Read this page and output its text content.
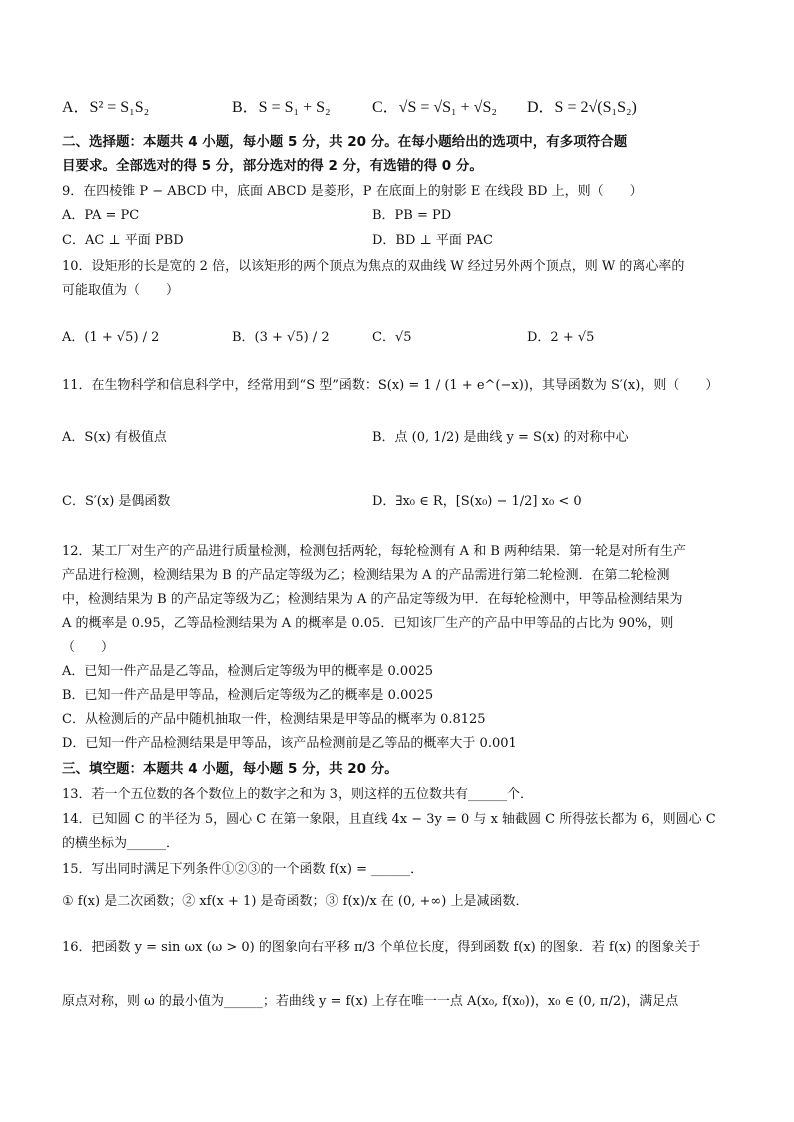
A．S² = S₁S₂	B．S = S₁ + S₂	C．√S = √S₁ + √S₂ D．S = 2√(S₁S₂)
二、选择题：本题共 4 小题，每小题 5 分，共 20 分。在每小题给出的选项中，有多项符合题
目要求。全部选对的得 5 分，部分选对的得 2 分，有选错的得 0 分。
9．在四棱锥 P − ABCD 中，底面 ABCD 是菱形，P 在底面上的射影 E 在线段 BD 上，则（　　）
A．PA = PC	B．PB = PD
C．AC ⊥ 平面 PBD	D．BD ⊥ 平面 PAC
10．设矩形的长是宽的 2 倍，以该矩形的两个顶点为焦点的双曲线 W 经过另外两个顶点，则 W 的离心率的
可能取值为（　　）
A．(1 + √5) / 2	B．(3 + √5) / 2	C．√5	D．2 + √5
11．在生物科学和信息科学中，经常用到“S 型”函数：S(x) = 1 / (1 + e^(−x))，其导函数为 S′(x)，则（　　）
A．S(x) 有极值点	B．点 (0, 1/2) 是曲线 y = S(x) 的对称中心
C．S′(x) 是偶函数	D．∃x₀ ∈ R，[S(x₀) − 1/2] x₀ < 0
12．某工厂对生产的产品进行质量检测，检测包括两轮，每轮检测有 A 和 B 两种结果．第一轮是对所有生产
产品进行检测，检测结果为 B 的产品定等级为乙；检测结果为 A 的产品需进行第二轮检测．在第二轮检测
中，检测结果为 B 的产品定等级为乙；检测结果为 A 的产品定等级为甲．在每轮检测中，甲等品检测结果为
A 的概率是 0.95，乙等品检测结果为 A 的概率是 0.05．已知该厂生产的产品中甲等品的占比为 90%，则
（　　）
A．已知一件产品是乙等品，检测后定等级为甲的概率是 0.0025
B．已知一件产品是甲等品，检测后定等级为乙的概率是 0.0025
C．从检测后的产品中随机抽取一件，检测结果是甲等品的概率为 0.8125
D．已知一件产品检测结果是甲等品，该产品检测前是乙等品的概率大于 0.001
三、填空题：本题共 4 小题，每小题 5 分，共 20 分。
13．若一个五位数的各个数位上的数字之和为 3，则这样的五位数共有______个．
14．已知圆 C 的半径为 5，圆心 C 在第一象限，且直线 4x − 3y = 0 与 x 轴截圆 C 所得弦长都为 6，则圆心 C
的横坐标为______．
15．写出同时满足下列条件①②③的一个函数 f(x) = ______．
① f(x) 是二次函数；② xf(x + 1) 是奇函数；③ f(x)/x 在 (0, +∞) 上是减函数．
16．把函数 y = sin ωx (ω > 0) 的图象向右平移 π/3 个单位长度，得到函数 f(x) 的图象．若 f(x) 的图象关于
原点对称，则 ω 的最小值为______；若曲线 y = f(x) 上存在唯一一点 A(x₀, f(x₀))，x₀ ∈ (0, π/2)，满足点
